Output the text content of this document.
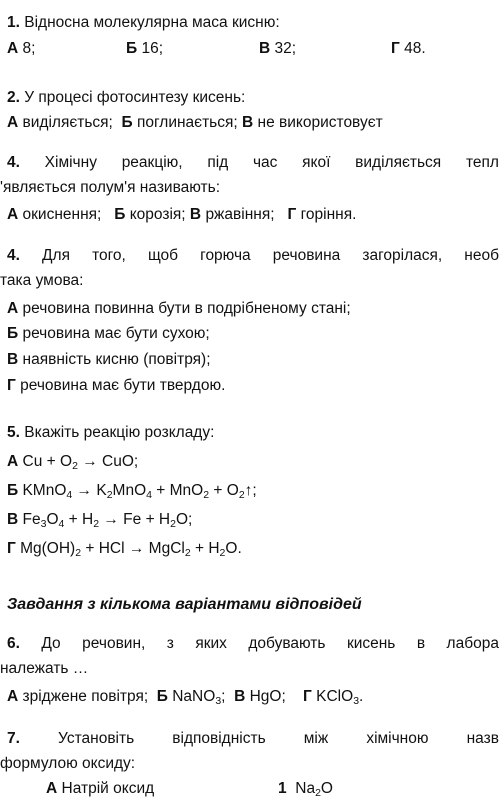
1. Відносна молекулярна маса кисню:
А 8;	Б 16;	В 32;	Г 48.
2. У процесі фотосинтезу кисень:
А виділяється; Б поглинається; В не використовуєт
4. Хімічну реакцію, під час якої виділяється тепл
'являється полум'я називають:
А окиснення; Б корозія; В ржавіння; Г горіння.
4. Для того, щоб горюча речовина загорілася, необ
така умова:
А речовина повинна бути в подрібненому стані;
Б речовина має бути сухою;
В наявність кисню (повітря);
Г речовина має бути твердою.
5. Вкажіть реакцію розкладу:
А $Cu + O_2$ → CuO;
Б KMnO$_4$ → $K_2MnO_4 + MnO_2$ + $O_2↑$;
В $Fe_3O_4 + H_2 \to Fe + H_2O$;
Г $Mg(OH)_2$ + HCl → MgCl$_2$ + $H_2O$.
Завдання з кількома варіантами відповідей
6. До речовин, з яких добувають кисень в лабора
належать …
А зріджене повітря; Б NaNO$_3$; В HgO; Г KClO$_3$.
7. Установіть відповідність між хімічною назв
формулою оксиду:
А Натрій оксид	1 $Na_2O$
